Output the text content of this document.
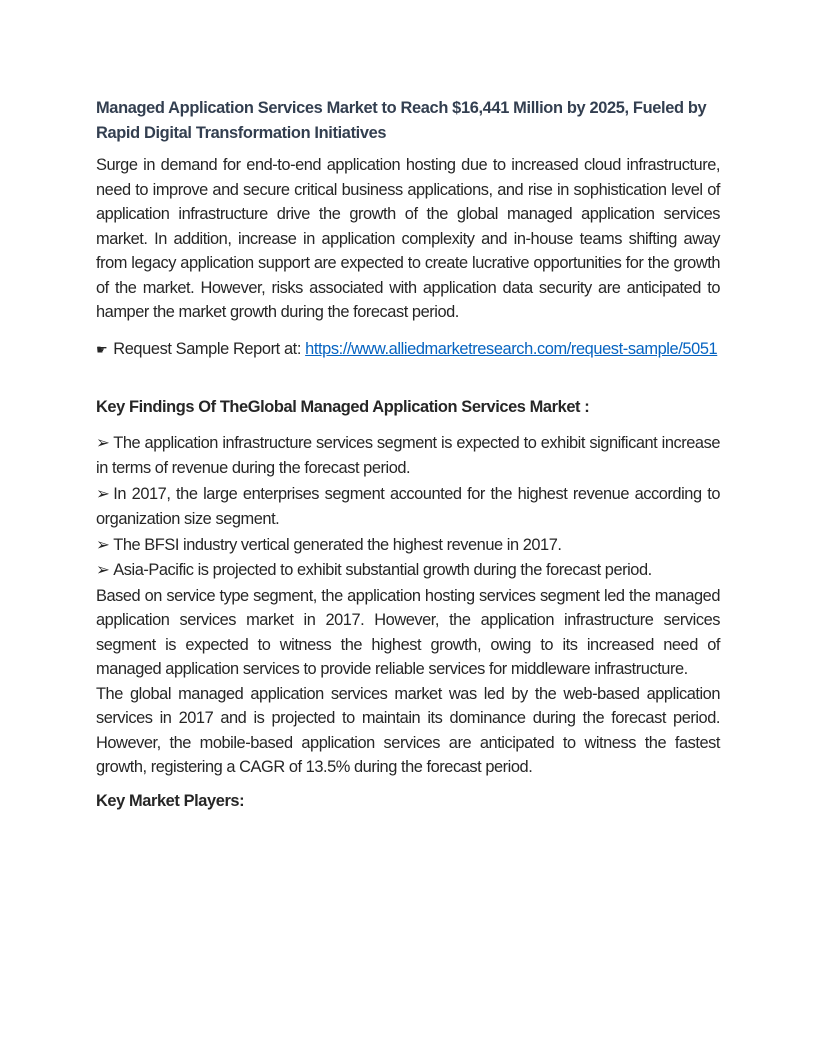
Managed Application Services Market to Reach $16,441 Million by 2025, Fueled by Rapid Digital Transformation Initiatives

Surge in demand for end-to-end application hosting due to increased cloud infrastructure, need to improve and secure critical business applications, and rise in sophistication level of application infrastructure drive the growth of the global managed application services market. In addition, increase in application complexity and in-house teams shifting away from legacy application support are expected to create lucrative opportunities for the growth of the market. However, risks associated with application data security are anticipated to hamper the market growth during the forecast period.

☛ Request Sample Report at: https://www.alliedmarketresearch.com/request-sample/5051

Key Findings Of TheGlobal Managed Application Services Market :

➢ The application infrastructure services segment is expected to exhibit significant increase in terms of revenue during the forecast period.
➢ In 2017, the large enterprises segment accounted for the highest revenue according to organization size segment.
➢ The BFSI industry vertical generated the highest revenue in 2017.
➢ Asia-Pacific is projected to exhibit substantial growth during the forecast period.

Based on service type segment, the application hosting services segment led the managed application services market in 2017. However, the application infrastructure services segment is expected to witness the highest growth, owing to its increased need of managed application services to provide reliable services for middleware infrastructure.

The global managed application services market was led by the web-based application services in 2017 and is projected to maintain its dominance during the forecast period. However, the mobile-based application services are anticipated to witness the fastest growth, registering a CAGR of 13.5% during the forecast period.

Key Market Players:
